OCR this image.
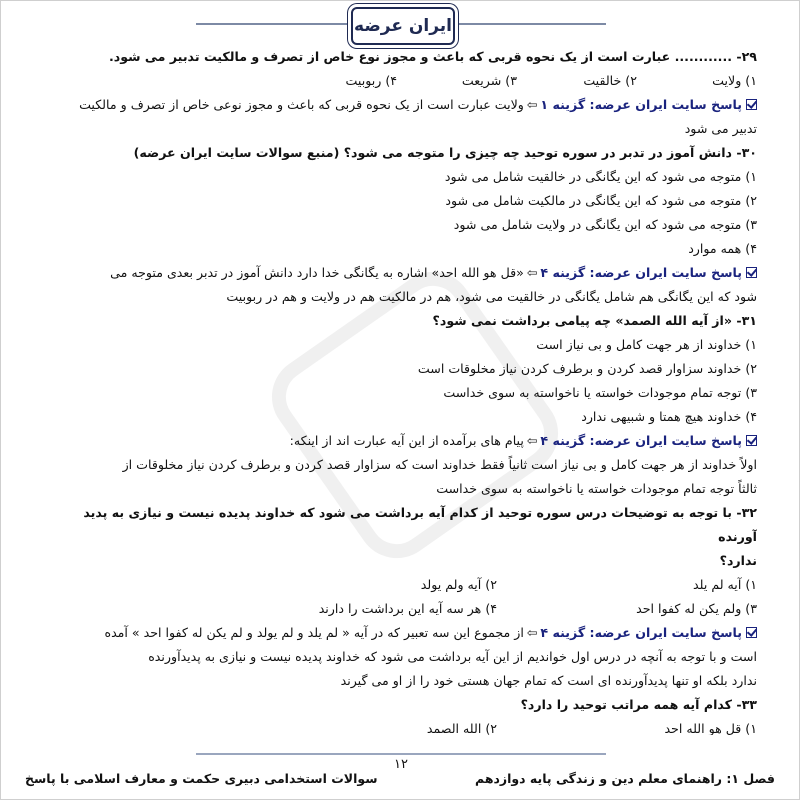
ایران عرضه

۲۹- ............ عبارت است از یک نحوه قربی که باعث و مجوز نوع خاص از تصرف و مالکیت تدبیر می شود.

۱) ولایت
۲) خالقیت
۳) شریعت
۴) ربوبیت

پاسخ سایت ایران عرضه: گزینه ۱⇦ولایت عبارت است از یک نحوه قربی که باعث و مجوز نوعی خاص از تصرف و مالکیت

تدبیر می شود

۳۰- دانش آموز در تدبر در سوره توحید چه چیزی را متوجه می شود؟ (منبع سوالات سایت ایران عرضه)

۱) متوجه می شود که این یگانگی در خالقیت شامل می شود

۲) متوجه می شود که این یگانگی در مالکیت شامل می شود

۳) متوجه می شود که این یگانگی در ولایت شامل می شود

۴) همه موارد

پاسخ سایت ایران عرضه: گزینه ۴⇦«قل هو الله احد» اشاره به یگانگی خدا دارد دانش آموز در تدبر بعدی متوجه می

شود که این یگانگی هم شامل یگانگی در خالقیت می شود، هم در مالکیت هم در ولایت و هم در ربوبیت

۳۱- «از آیه الله الصمد» چه پیامی برداشت نمی شود؟

۱) خداوند از هر جهت کامل و بی نیاز است

۲) خداوند سزاوار قصد کردن و برطرف کردن نیاز مخلوقات است

۳) توجه تمام موجودات خواسته یا ناخواسته به سوی خداست

۴) خداوند هیچ همتا و شبیهی ندارد

پاسخ سایت ایران عرضه: گزینه ۴⇦پیام های برآمده از این آیه عبارت اند از اینکه:

اولاً خداوند از هر جهت کامل و بی نیاز است ثانیاً فقط خداوند است که سزاوار قصد کردن و برطرف کردن نیاز مخلوقات از

ثالثاً توجه تمام موجودات خواسته یا ناخواسته به سوی خداست

۳۲- با توجه به توضیحات درس سوره توحید از کدام آیه برداشت می شود که خداوند پدیده نیست و نیازی به پدید آورنده

ندارد؟

۱) آیه لم یلد
۲) آیه ولم یولد
۳) ولم یکن له کفوا احد
۴) هر سه آیه این برداشت را دارند

پاسخ سایت ایران عرضه: گزینه ۴⇦از مجموع این سه تعبیر که در آیه « لم یلد و لم یولد و لم یکن له کفوا احد » آمده

است و با توجه به آنچه در درس اول خواندیم از این آیه برداشت می شود که خداوند پدیده نیست و نیازی به پدیدآورنده

ندارد بلکه او تنها پدیدآورنده ای است که تمام جهان هستی خود را از او می گیرند

۳۳- کدام آیه همه مراتب توحید را دارد؟

۱) قل هو الله احد
۲) الله الصمد
۱۲
فصل ۱: راهنمای معلم دین و زندگی پایه دوازدهم
سوالات استخدامی دبیری حکمت و معارف اسلامی با پاسخ
